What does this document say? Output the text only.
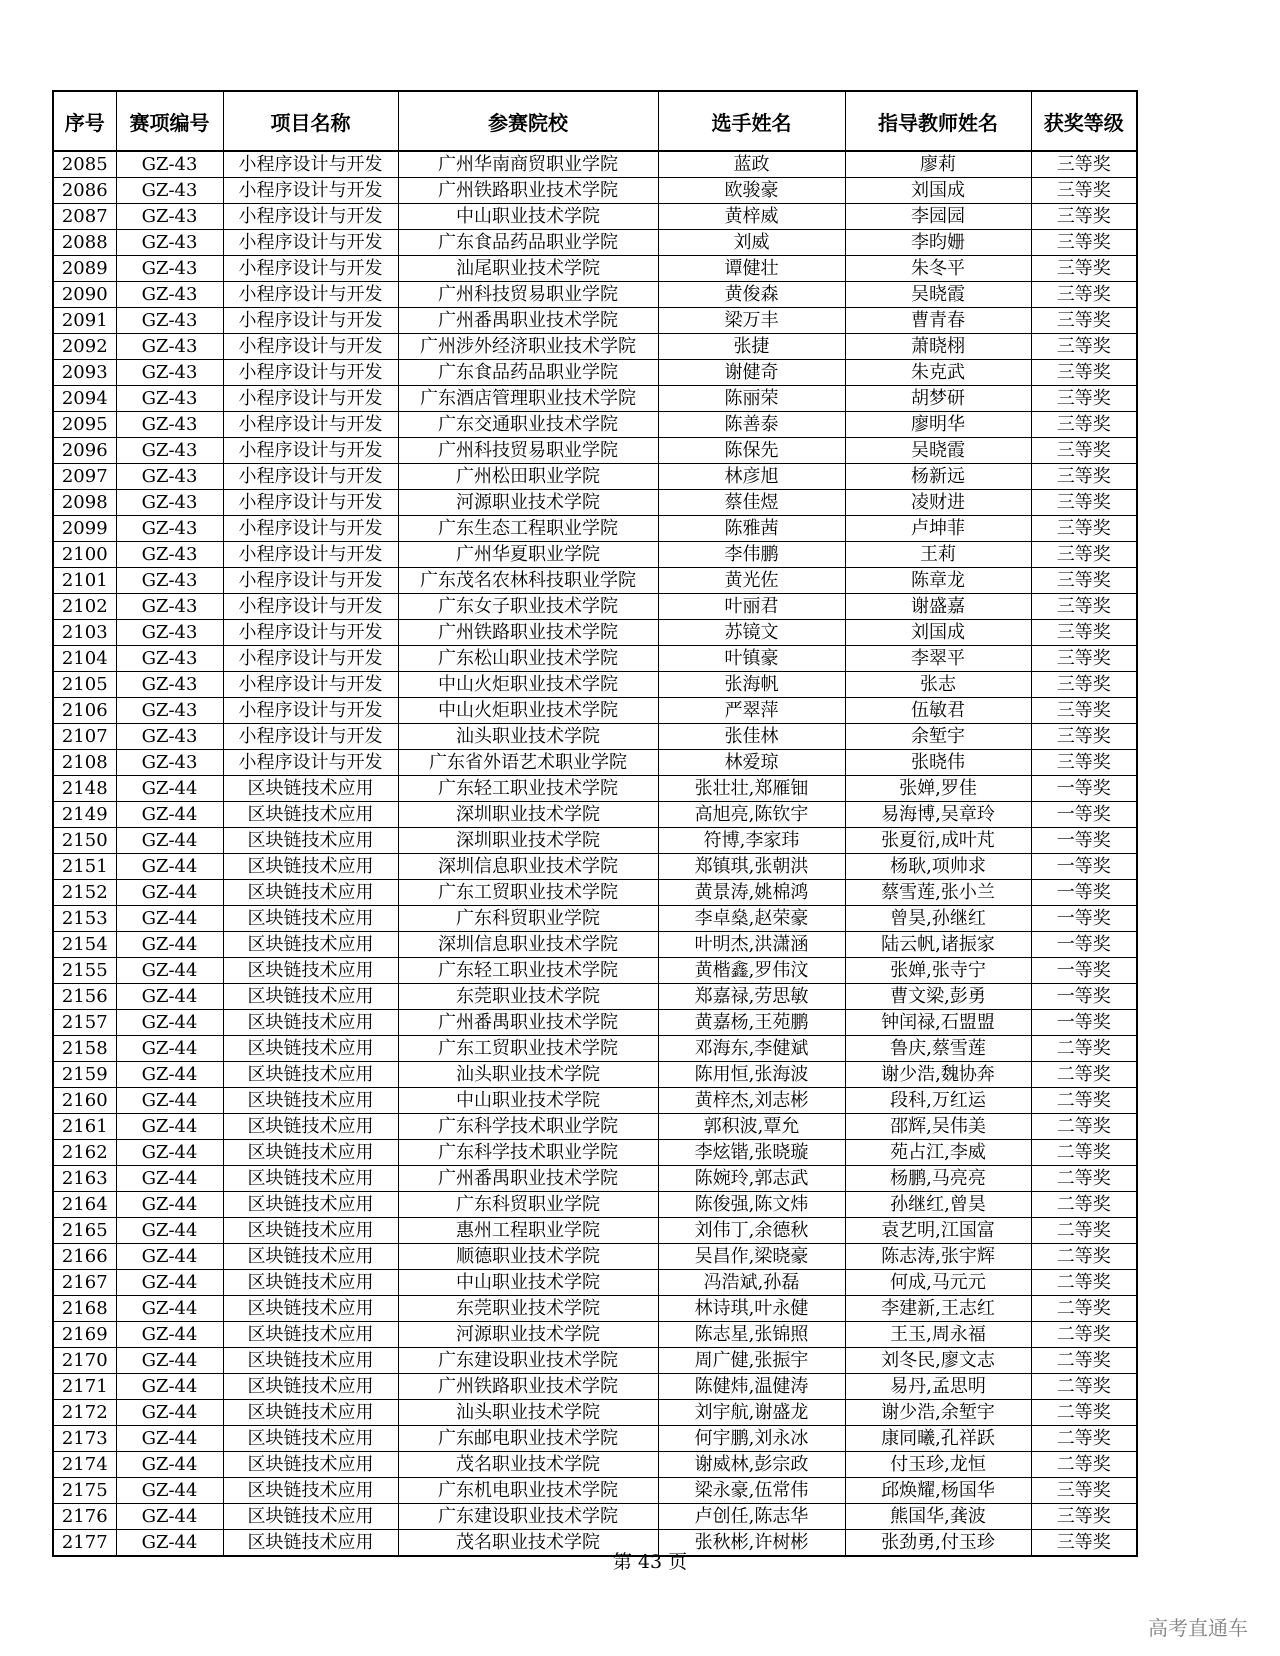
序号	赛项编号	项目名称	参赛院校	选手姓名	指导教师姓名	获奖等级
2085	GZ-43	小程序设计与开发	广州华南商贸职业学院	蓝政	廖莉	三等奖
2086	GZ-43	小程序设计与开发	广州铁路职业技术学院	欧骏豪	刘国成	三等奖
2087	GZ-43	小程序设计与开发	中山职业技术学院	黄梓威	李园园	三等奖
2088	GZ-43	小程序设计与开发	广东食品药品职业学院	刘威	李昀姗	三等奖
2089	GZ-43	小程序设计与开发	汕尾职业技术学院	谭健壮	朱冬平	三等奖
2090	GZ-43	小程序设计与开发	广州科技贸易职业学院	黄俊森	吴晓霞	三等奖
2091	GZ-43	小程序设计与开发	广州番禺职业技术学院	梁万丰	曹青春	三等奖
2092	GZ-43	小程序设计与开发	广州涉外经济职业技术学院	张捷	萧晓栩	三等奖
2093	GZ-43	小程序设计与开发	广东食品药品职业学院	谢健奇	朱克武	三等奖
2094	GZ-43	小程序设计与开发	广东酒店管理职业技术学院	陈丽荣	胡梦研	三等奖
2095	GZ-43	小程序设计与开发	广东交通职业技术学院	陈善泰	廖明华	三等奖
2096	GZ-43	小程序设计与开发	广州科技贸易职业学院	陈保先	吴晓霞	三等奖
2097	GZ-43	小程序设计与开发	广州松田职业学院	林彦旭	杨新远	三等奖
2098	GZ-43	小程序设计与开发	河源职业技术学院	蔡佳煜	凌财进	三等奖
2099	GZ-43	小程序设计与开发	广东生态工程职业学院	陈雅茜	卢坤菲	三等奖
2100	GZ-43	小程序设计与开发	广州华夏职业学院	李伟鹏	王莉	三等奖
2101	GZ-43	小程序设计与开发	广东茂名农林科技职业学院	黄光佐	陈章龙	三等奖
2102	GZ-43	小程序设计与开发	广东女子职业技术学院	叶丽君	谢盛嘉	三等奖
2103	GZ-43	小程序设计与开发	广州铁路职业技术学院	苏镜文	刘国成	三等奖
2104	GZ-43	小程序设计与开发	广东松山职业技术学院	叶镇豪	李翠平	三等奖
2105	GZ-43	小程序设计与开发	中山火炬职业技术学院	张海帆	张志	三等奖
2106	GZ-43	小程序设计与开发	中山火炬职业技术学院	严翠萍	伍敏君	三等奖
2107	GZ-43	小程序设计与开发	汕头职业技术学院	张佳林	余堑宇	三等奖
2108	GZ-43	小程序设计与开发	广东省外语艺术职业学院	林爱琼	张晓伟	三等奖
2148	GZ-44	区块链技术应用	广东轻工职业技术学院	张壮壮,郑雁钿	张婵,罗佳	一等奖
2149	GZ-44	区块链技术应用	深圳职业技术学院	高旭亮,陈钦宇	易海博,吴章玲	一等奖
2150	GZ-44	区块链技术应用	深圳职业技术学院	符博,李家玮	张夏衍,成叶芃	一等奖
2151	GZ-44	区块链技术应用	深圳信息职业技术学院	郑镇琪,张朝洪	杨耿,项帅求	一等奖
2152	GZ-44	区块链技术应用	广东工贸职业技术学院	黄景涛,姚棉鸿	蔡雪莲,张小兰	一等奖
2153	GZ-44	区块链技术应用	广东科贸职业学院	李卓燊,赵荣豪	曾昊,孙继红	一等奖
2154	GZ-44	区块链技术应用	深圳信息职业技术学院	叶明杰,洪潇涵	陆云帆,诸振家	一等奖
2155	GZ-44	区块链技术应用	广东轻工职业技术学院	黄楷鑫,罗伟汶	张婵,张寺宁	一等奖
2156	GZ-44	区块链技术应用	东莞职业技术学院	郑嘉禄,劳思敏	曹文梁,彭勇	一等奖
2157	GZ-44	区块链技术应用	广州番禺职业技术学院	黄嘉杨,王苑鹏	钟闰禄,石盟盟	一等奖
2158	GZ-44	区块链技术应用	广东工贸职业技术学院	邓海东,李健斌	鲁庆,蔡雪莲	二等奖
2159	GZ-44	区块链技术应用	汕头职业技术学院	陈用恒,张海波	谢少浩,魏协奔	二等奖
2160	GZ-44	区块链技术应用	中山职业技术学院	黄梓杰,刘志彬	段科,万红运	二等奖
2161	GZ-44	区块链技术应用	广东科学技术职业学院	郭积波,覃允	邵辉,吴伟美	二等奖
2162	GZ-44	区块链技术应用	广东科学技术职业学院	李炫锴,张晓璇	苑占江,李威	二等奖
2163	GZ-44	区块链技术应用	广州番禺职业技术学院	陈婉玲,郭志武	杨鹏,马亮亮	二等奖
2164	GZ-44	区块链技术应用	广东科贸职业学院	陈俊强,陈文炜	孙继红,曾昊	二等奖
2165	GZ-44	区块链技术应用	惠州工程职业学院	刘伟丁,余德秋	袁艺明,江国富	二等奖
2166	GZ-44	区块链技术应用	顺德职业技术学院	吴昌作,梁晓豪	陈志涛,张宇辉	二等奖
2167	GZ-44	区块链技术应用	中山职业技术学院	冯浩斌,孙磊	何成,马元元	二等奖
2168	GZ-44	区块链技术应用	东莞职业技术学院	林诗琪,叶永健	李建新,王志红	二等奖
2169	GZ-44	区块链技术应用	河源职业技术学院	陈志星,张锦照	王玉,周永福	二等奖
2170	GZ-44	区块链技术应用	广东建设职业技术学院	周广健,张振宇	刘冬民,廖文志	二等奖
2171	GZ-44	区块链技术应用	广州铁路职业技术学院	陈健炜,温健涛	易丹,孟思明	二等奖
2172	GZ-44	区块链技术应用	汕头职业技术学院	刘宇航,谢盛龙	谢少浩,余堑宇	二等奖
2173	GZ-44	区块链技术应用	广东邮电职业技术学院	何宇鹏,刘永冰	康同曦,孔祥跃	二等奖
2174	GZ-44	区块链技术应用	茂名职业技术学院	谢威林,彭宗政	付玉珍,龙恒	二等奖
2175	GZ-44	区块链技术应用	广东机电职业技术学院	梁永豪,伍常伟	邱焕耀,杨国华	三等奖
2176	GZ-44	区块链技术应用	广东建设职业技术学院	卢创任,陈志华	熊国华,龚波	三等奖
2177	GZ-44	区块链技术应用	茂名职业技术学院	张秋彬,许树彬	张劲勇,付玉珍	三等奖
第 43 页
高考直通车
